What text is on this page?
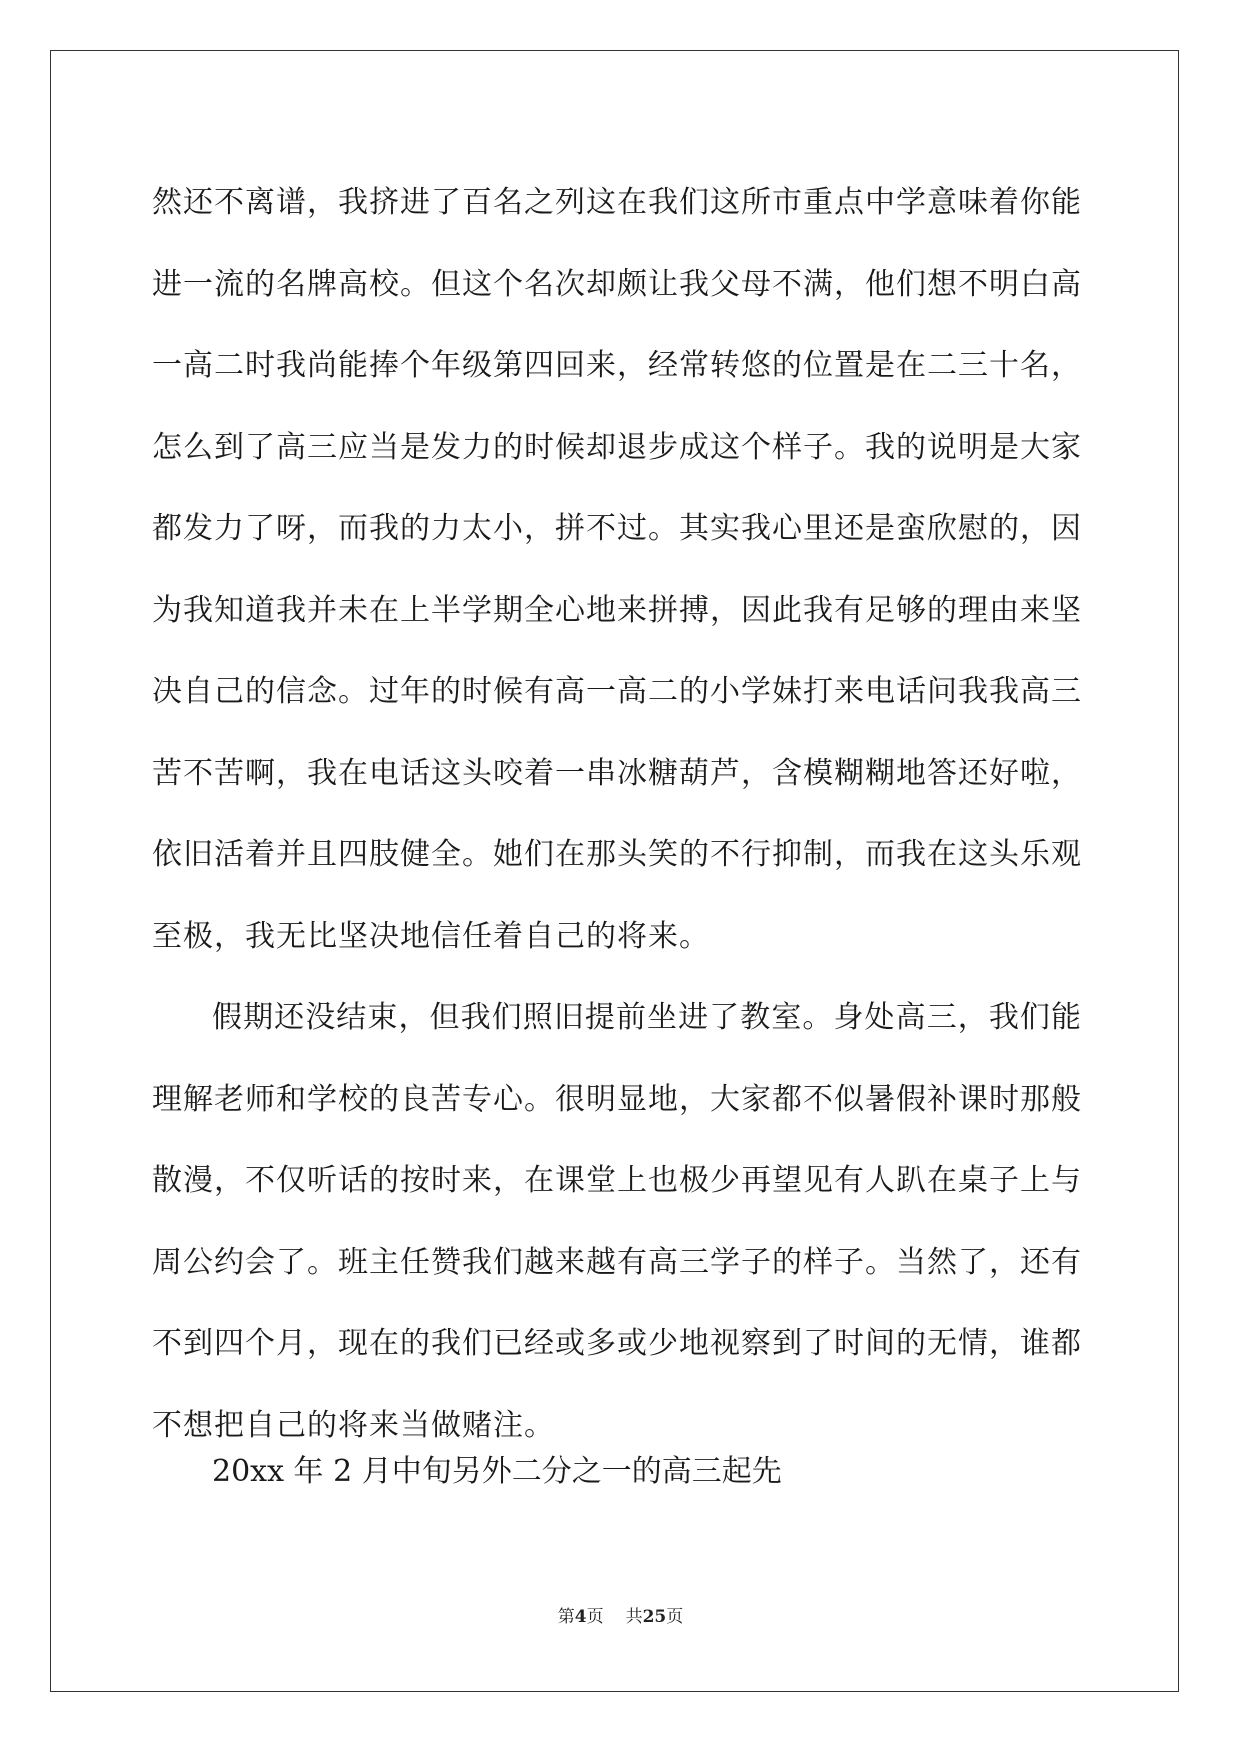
然还不离谱，我挤进了百名之列这在我们这所市重点中学意味着你能
进一流的名牌高校。但这个名次却颇让我父母不满，他们想不明白高
一高二时我尚能捧个年级第四回来，经常转悠的位置是在二三十名，
怎么到了高三应当是发力的时候却退步成这个样子。我的说明是大家
都发力了呀，而我的力太小，拼不过。其实我心里还是蛮欣慰的，因
为我知道我并未在上半学期全心地来拼搏，因此我有足够的理由来坚
决自己的信念。过年的时候有高一高二的小学妹打来电话问我我高三
苦不苦啊，我在电话这头咬着一串冰糖葫芦，含模糊糊地答还好啦，
依旧活着并且四肢健全。她们在那头笑的不行抑制，而我在这头乐观
至极，我无比坚决地信任着自己的将来。
假期还没结束，但我们照旧提前坐进了教室。身处高三，我们能
理解老师和学校的良苦专心。很明显地，大家都不似暑假补课时那般
散漫，不仅听话的按时来，在课堂上也极少再望见有人趴在桌子上与
周公约会了。班主任赞我们越来越有高三学子的样子。当然了，还有
不到四个月，现在的我们已经或多或少地视察到了时间的无情，谁都
不想把自己的将来当做赌注。
20xx 年 2 月中旬另外二分之一的高三起先
第4页 共25页
